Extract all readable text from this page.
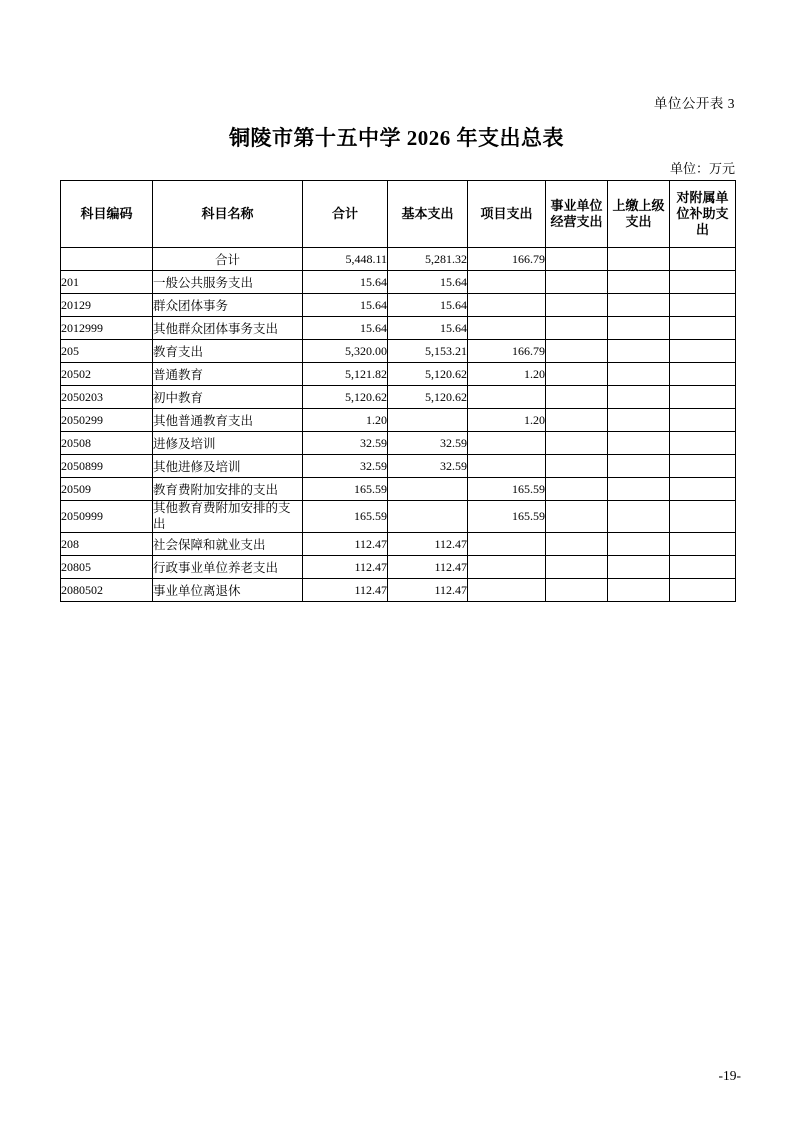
单位公开表 3
铜陵市第十五中学 2026 年支出总表
单位：万元
科目编码	科目名称	合计	基本支出	项目支出	事业单位经营支出	上缴上级支出	对附属单位补助支出
	合计	5,448.11	5,281.32	166.79			
201	一般公共服务支出	15.64	15.64				
20129	群众团体事务	15.64	15.64				
2012999	其他群众团体事务支出	15.64	15.64				
205	教育支出	5,320.00	5,153.21	166.79			
20502	普通教育	5,121.82	5,120.62	1.20			
2050203	初中教育	5,120.62	5,120.62				
2050299	其他普通教育支出	1.20		1.20			
20508	进修及培训	32.59	32.59				
2050899	其他进修及培训	32.59	32.59				
20509	教育费附加安排的支出	165.59		165.59			
2050999	其他教育费附加安排的支出	165.59		165.59			
208	社会保障和就业支出	112.47	112.47				
20805	行政事业单位养老支出	112.47	112.47				
2080502	事业单位离退休	112.47	112.47				
-19-
